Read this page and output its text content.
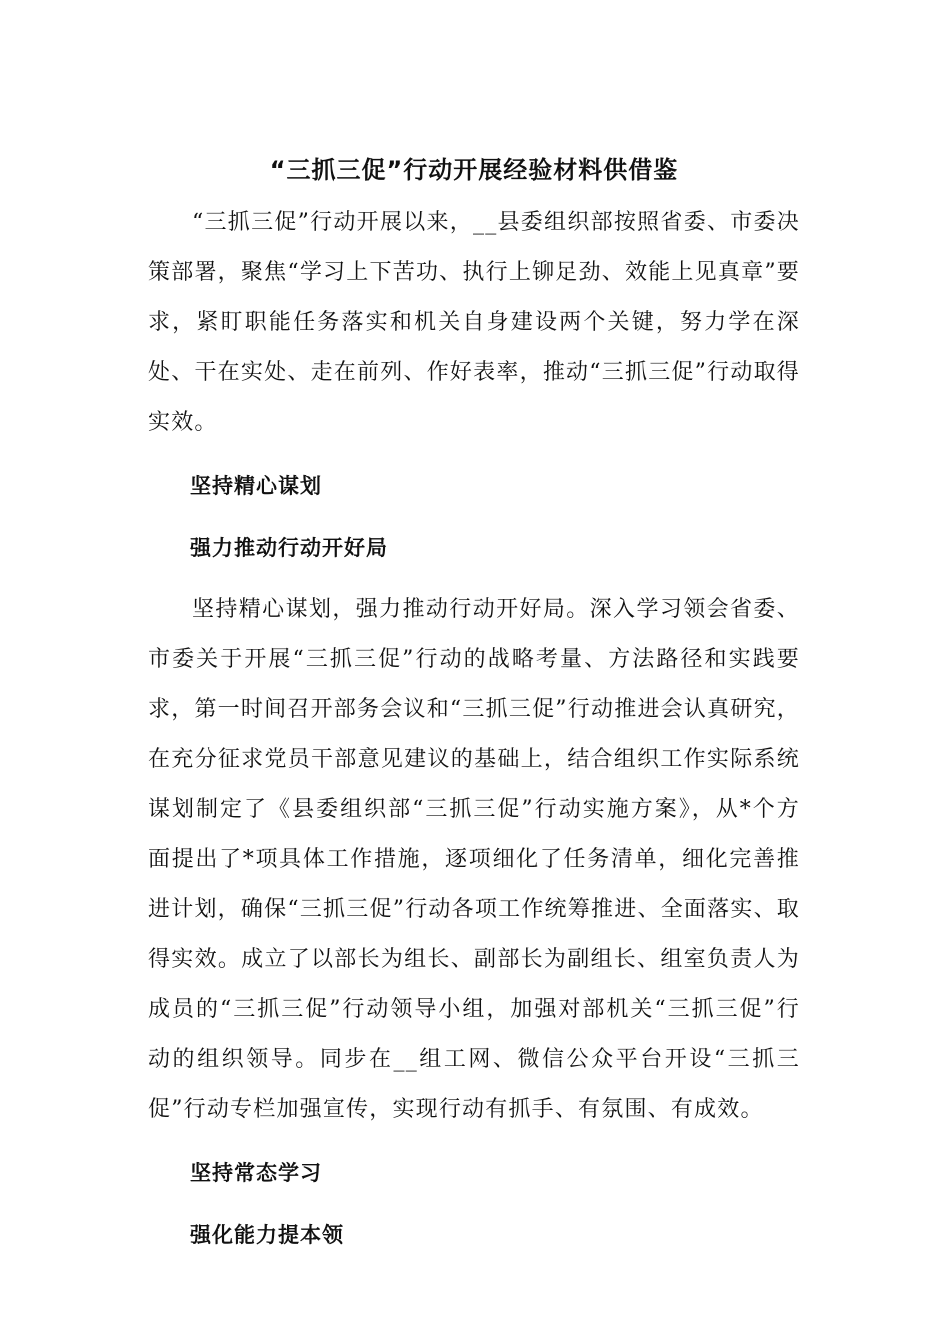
“三抓三促”行动开展经验材料供借鉴

“三抓三促”行动开展以来，__县委组织部按照省委、市委决策部署，聚焦“学习上下苦功、执行上铆足劲、效能上见真章”要求，紧盯职能任务落实和机关自身建设两个关键，努力学在深处、干在实处、走在前列、作好表率，推动“三抓三促”行动取得实效。

坚持精心谋划
强力推动行动开好局

坚持精心谋划，强力推动行动开好局。深入学习领会省委、市委关于开展“三抓三促”行动的战略考量、方法路径和实践要求，第一时间召开部务会议和“三抓三促”行动推进会认真研究，在充分征求党员干部意见建议的基础上，结合组织工作实际系统谋划制定了《县委组织部“三抓三促”行动实施方案》，从*个方面提出了*项具体工作措施，逐项细化了任务清单，细化完善推进计划，确保“三抓三促”行动各项工作统筹推进、全面落实、取得实效。成立了以部长为组长、副部长为副组长、组室负责人为成员的“三抓三促”行动领导小组，加强对部机关“三抓三促”行动的组织领导。同步在__组工网、微信公众平台开设“三抓三促”行动专栏加强宣传，实现行动有抓手、有氛围、有成效。

坚持常态学习
强化能力提本领
